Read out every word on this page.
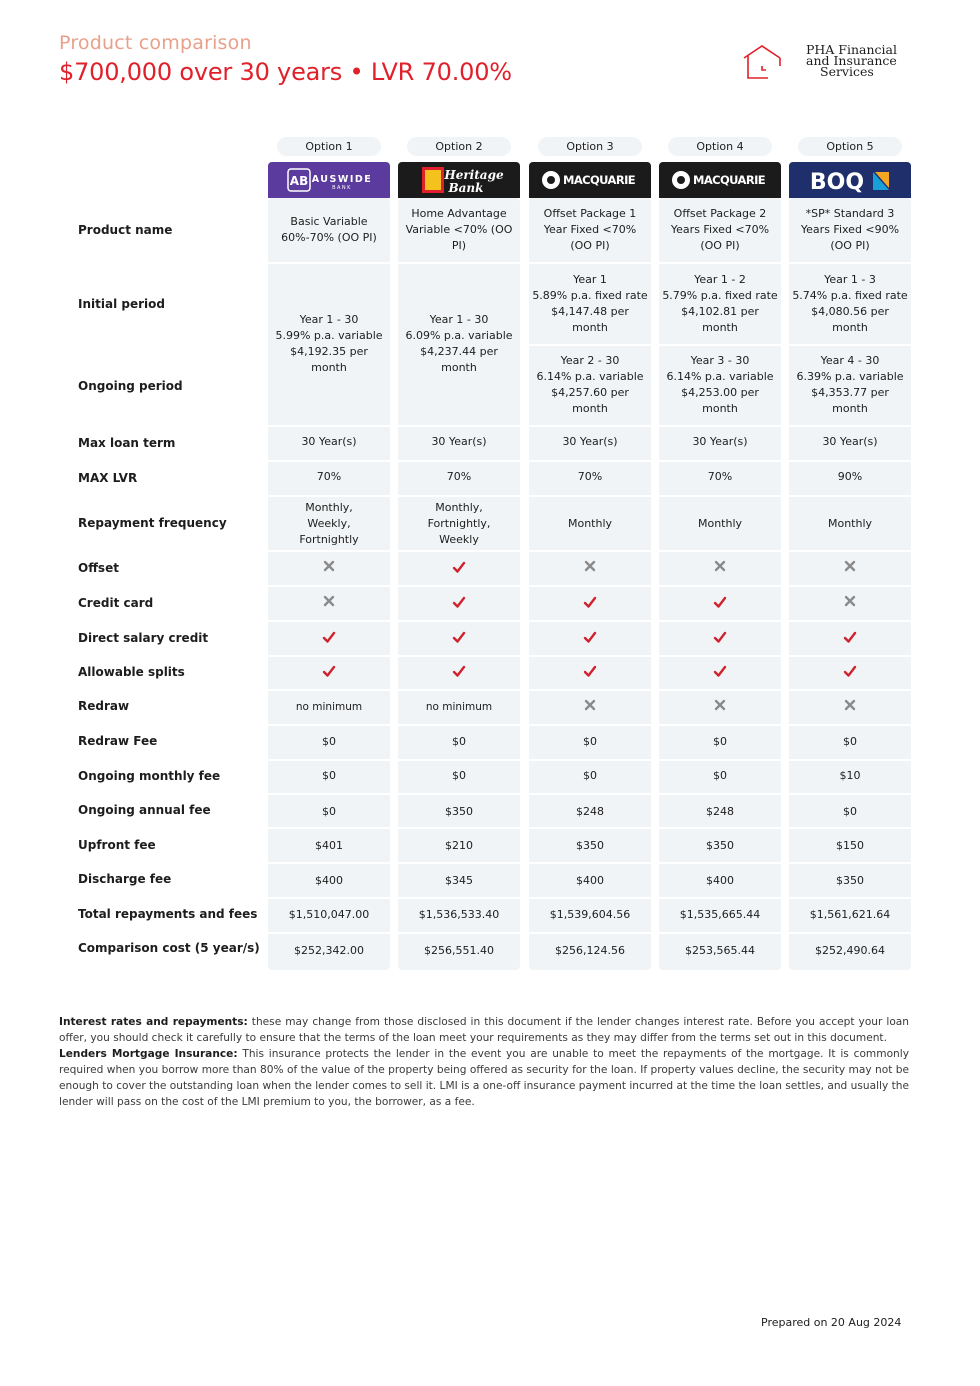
Product comparison
$700,000 over 30 years • LVR 70.00%
PHA Financial
and Insurance
Services
Product name
Initial period
Ongoing period
Max loan term
MAX LVR
Repayment frequency
Offset
Credit card
Direct salary credit
Allowable splits
Redraw
Redraw Fee
Ongoing monthly fee
Ongoing annual fee
Upfront fee
Discharge fee
Total repayments and fees
Comparison cost (5 year/s)
Option 1
AB AUSWIDE
BANK
Basic Variable
60%-70% (OO PI)
Year 1 - 30
5.99% p.a. variable
$4,192.35 per
month
30 Year(s)
70%
Monthly,
Weekly,
Fortnightly
no minimum
$0
$0
$0
$401
$400
$1,510,047.00
$252,342.00
Option 2
Heritage
Bank
Home Advantage
Variable <70% (OO
PI)
Year 1 - 30
6.09% p.a. variable
$4,237.44 per
month
30 Year(s)
70%
Monthly,
Fortnightly,
Weekly
no minimum
$0
$0
$350
$210
$345
$1,536,533.40
$256,551.40
Option 3
MACQUARIE
Offset Package 1
Year Fixed <70%
(OO PI)
Year 1
5.89% p.a. fixed rate
$4,147.48 per
month
Year 2 - 30
6.14% p.a. variable
$4,257.60 per
month
30 Year(s)
70%
Monthly
$0
$0
$248
$350
$400
$1,539,604.56
$256,124.56
Option 4
MACQUARIE
Offset Package 2
Years Fixed <70%
(OO PI)
Year 1 - 2
5.79% p.a. fixed rate
$4,102.81 per
month
Year 3 - 30
6.14% p.a. variable
$4,253.00 per
month
30 Year(s)
70%
Monthly
$0
$0
$248
$350
$400
$1,535,665.44
$253,565.44
Option 5
BOQ
*SP* Standard 3
Years Fixed <90%
(OO PI)
Year 1 - 3
5.74% p.a. fixed rate
$4,080.56 per
month
Year 4 - 30
6.39% p.a. variable
$4,353.77 per
month
30 Year(s)
90%
Monthly
$0
$10
$0
$150
$350
$1,561,621.64
$252,490.64
Interest rates and repayments: these may change from those disclosed in this document if the lender changes interest rate. Before you accept your loan offer, you should check it carefully to ensure that the terms of the loan meet your requirements as they may differ from the terms set out in this document.
Lenders Mortgage Insurance: This insurance protects the lender in the event you are unable to meet the repayments of the mortgage. It is commonly required when you borrow more than 80% of the value of the property being offered as security for the loan. If property values decline, the security may not be enough to cover the outstanding loan when the lender comes to sell it. LMI is a one-off insurance payment incurred at the time the loan settles, and usually the lender will pass on the cost of the LMI premium to you, the borrower, as a fee.
Prepared on 20 Aug 2024
